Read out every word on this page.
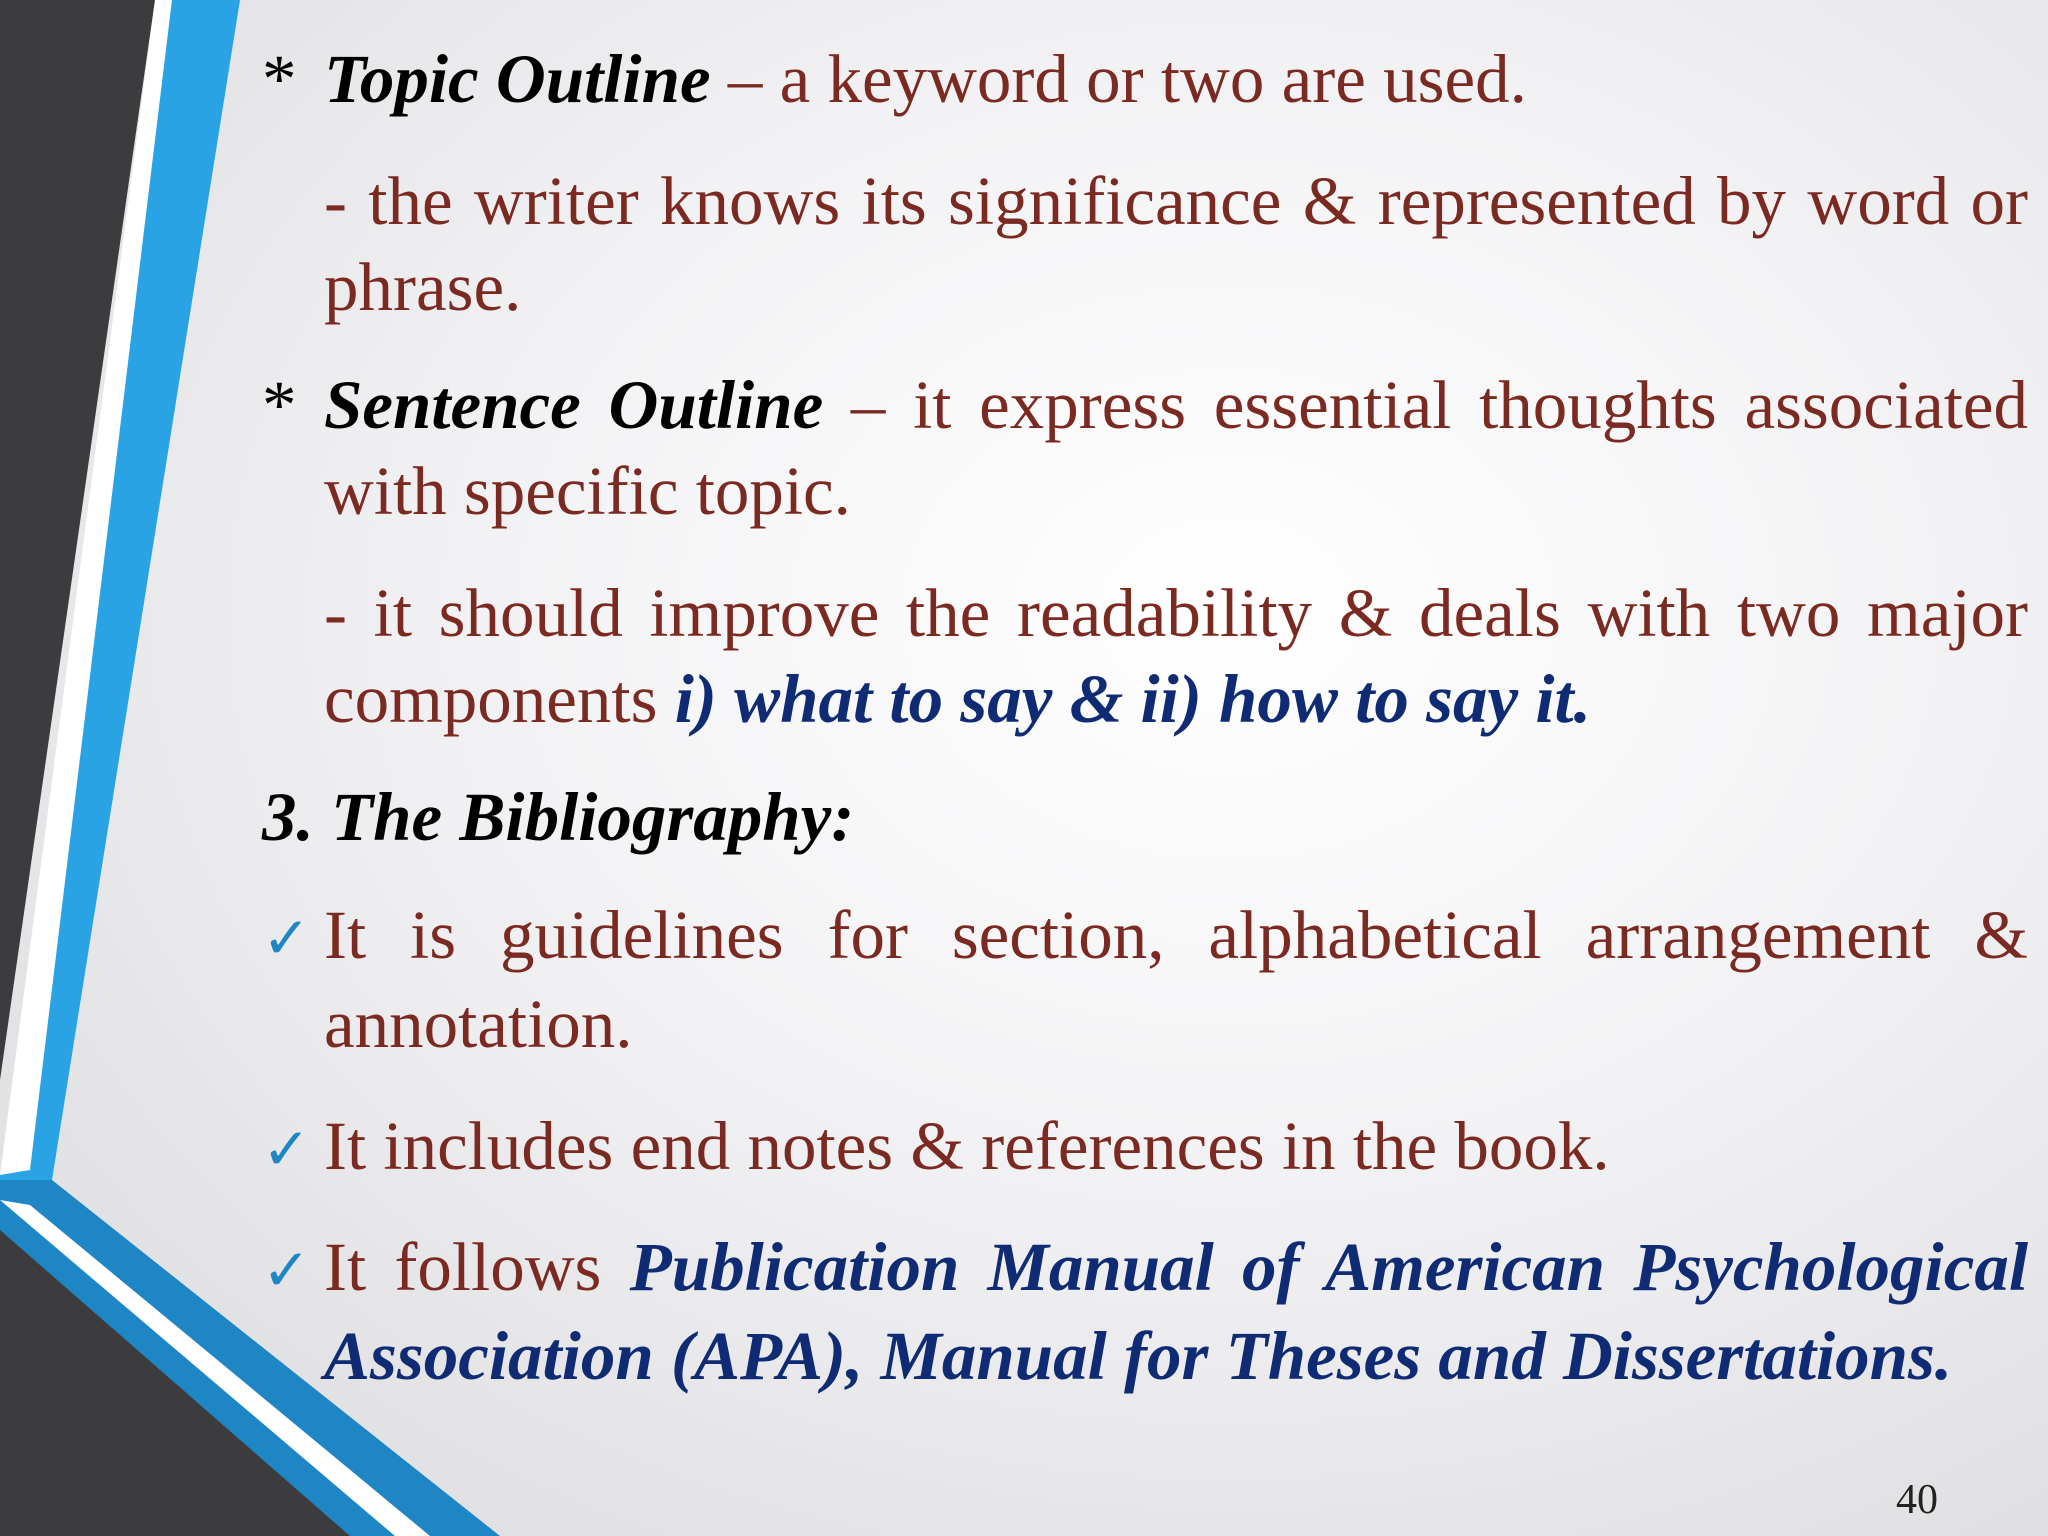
* Topic Outline – a keyword or two are used.

- the writer knows its significance & represented by word or phrase.

* Sentence Outline – it express essential thoughts associated with specific topic.

- it should improve the readability & deals with two major components i) what to say & ii) how to say it.

3. The Bibliography:

✓ It is guidelines for section, alphabetical arrangement & annotation.

✓ It includes end notes & references in the book.

✓ It follows Publication Manual of American Psychological Association (APA), Manual for Theses and Dissertations.

40
